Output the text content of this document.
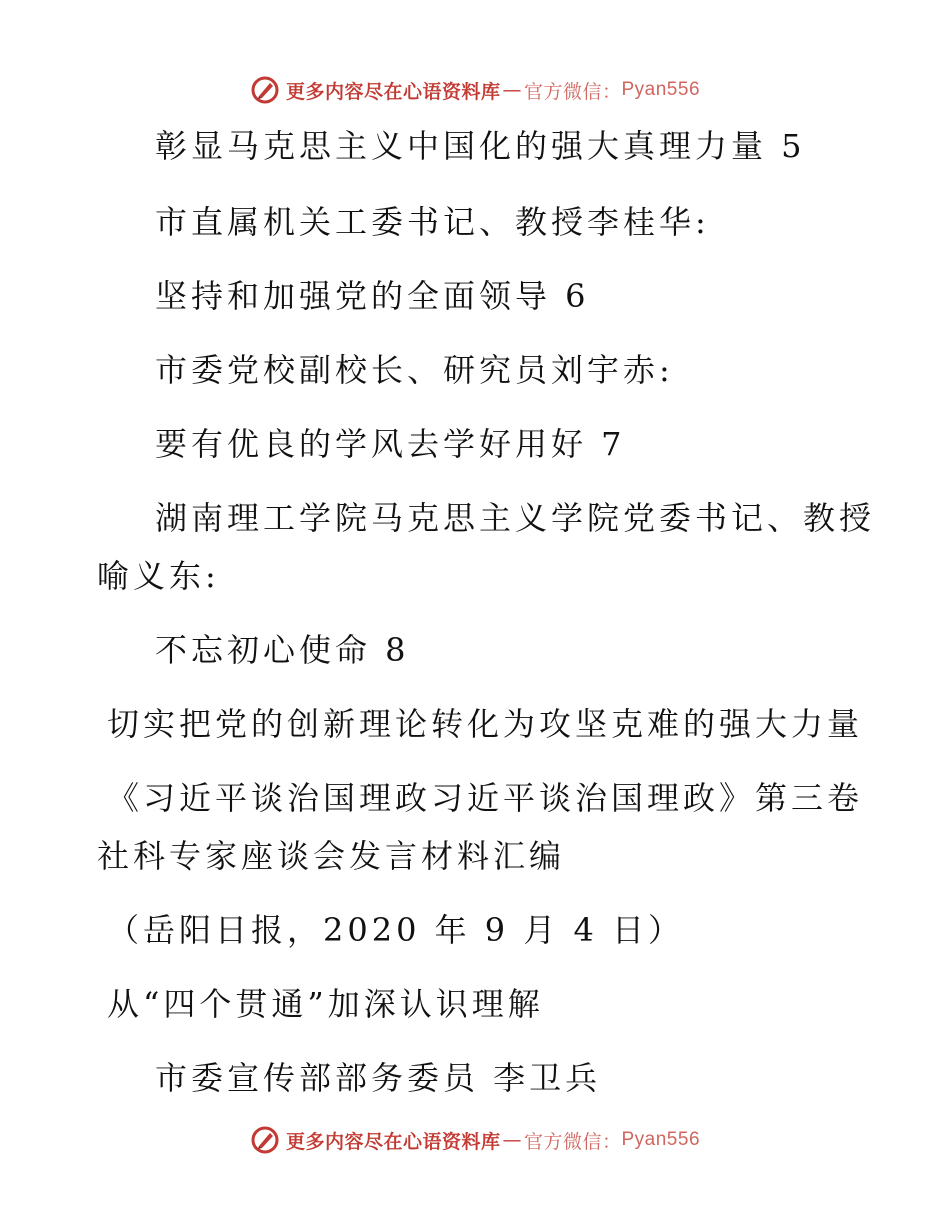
更多内容尽在心语资料库 — 官方微信： Pyan556
彰显马克思主义中国化的强大真理力量 5
市直属机关工委书记、教授李桂华:
坚持和加强党的全面领导 6
市委党校副校长、研究员刘宇赤:
要有优良的学风去学好用好 7
湖南理工学院马克思主义学院党委书记、教授
喻义东:
不忘初心使命 8
切实把党的创新理论转化为攻坚克难的强大力量
《习近平谈治国理政习近平谈治国理政》第三卷
社科专家座谈会发言材料汇编
（岳阳日报，2020 年 9 月 4 日）
从“四个贯通”加深认识理解
市委宣传部部务委员 李卫兵
更多内容尽在心语资料库 — 官方微信： Pyan556
